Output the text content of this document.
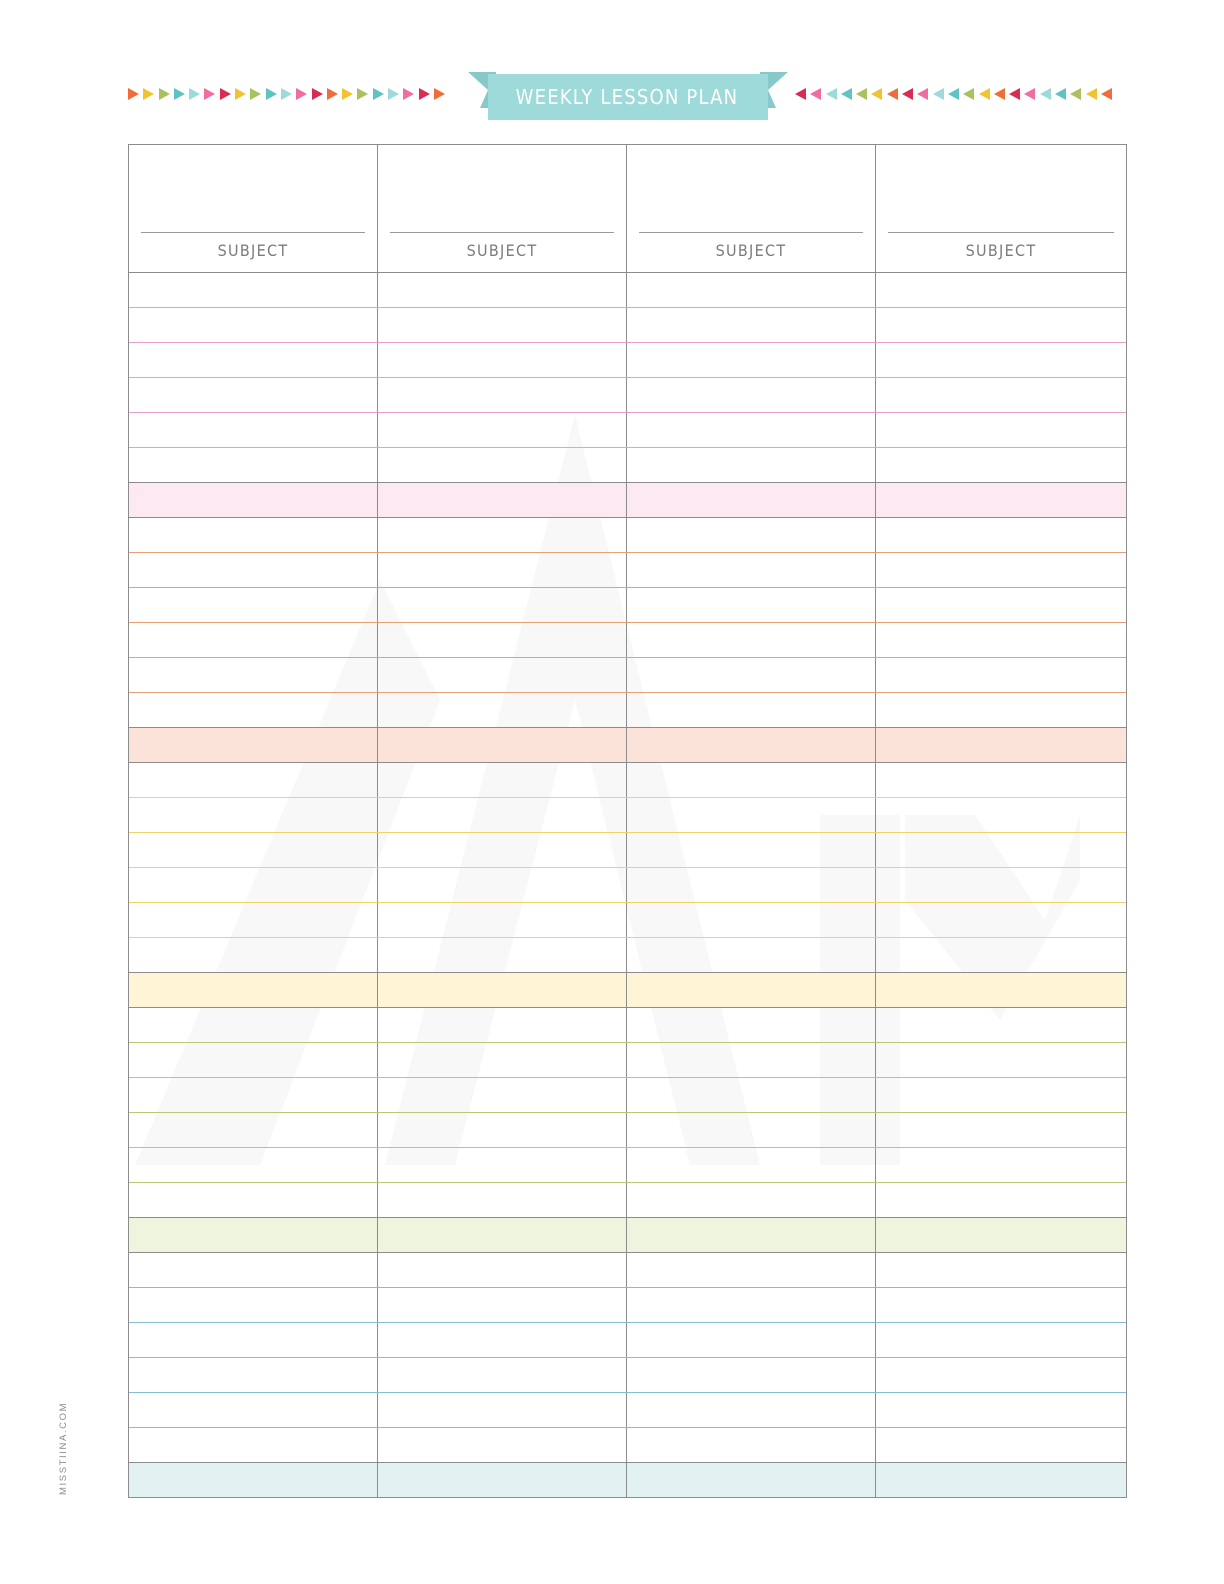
WEEKLY LESSON PLAN
SUBJECT	SUBJECT	SUBJECT	SUBJECT
MISSTIINA.COM
